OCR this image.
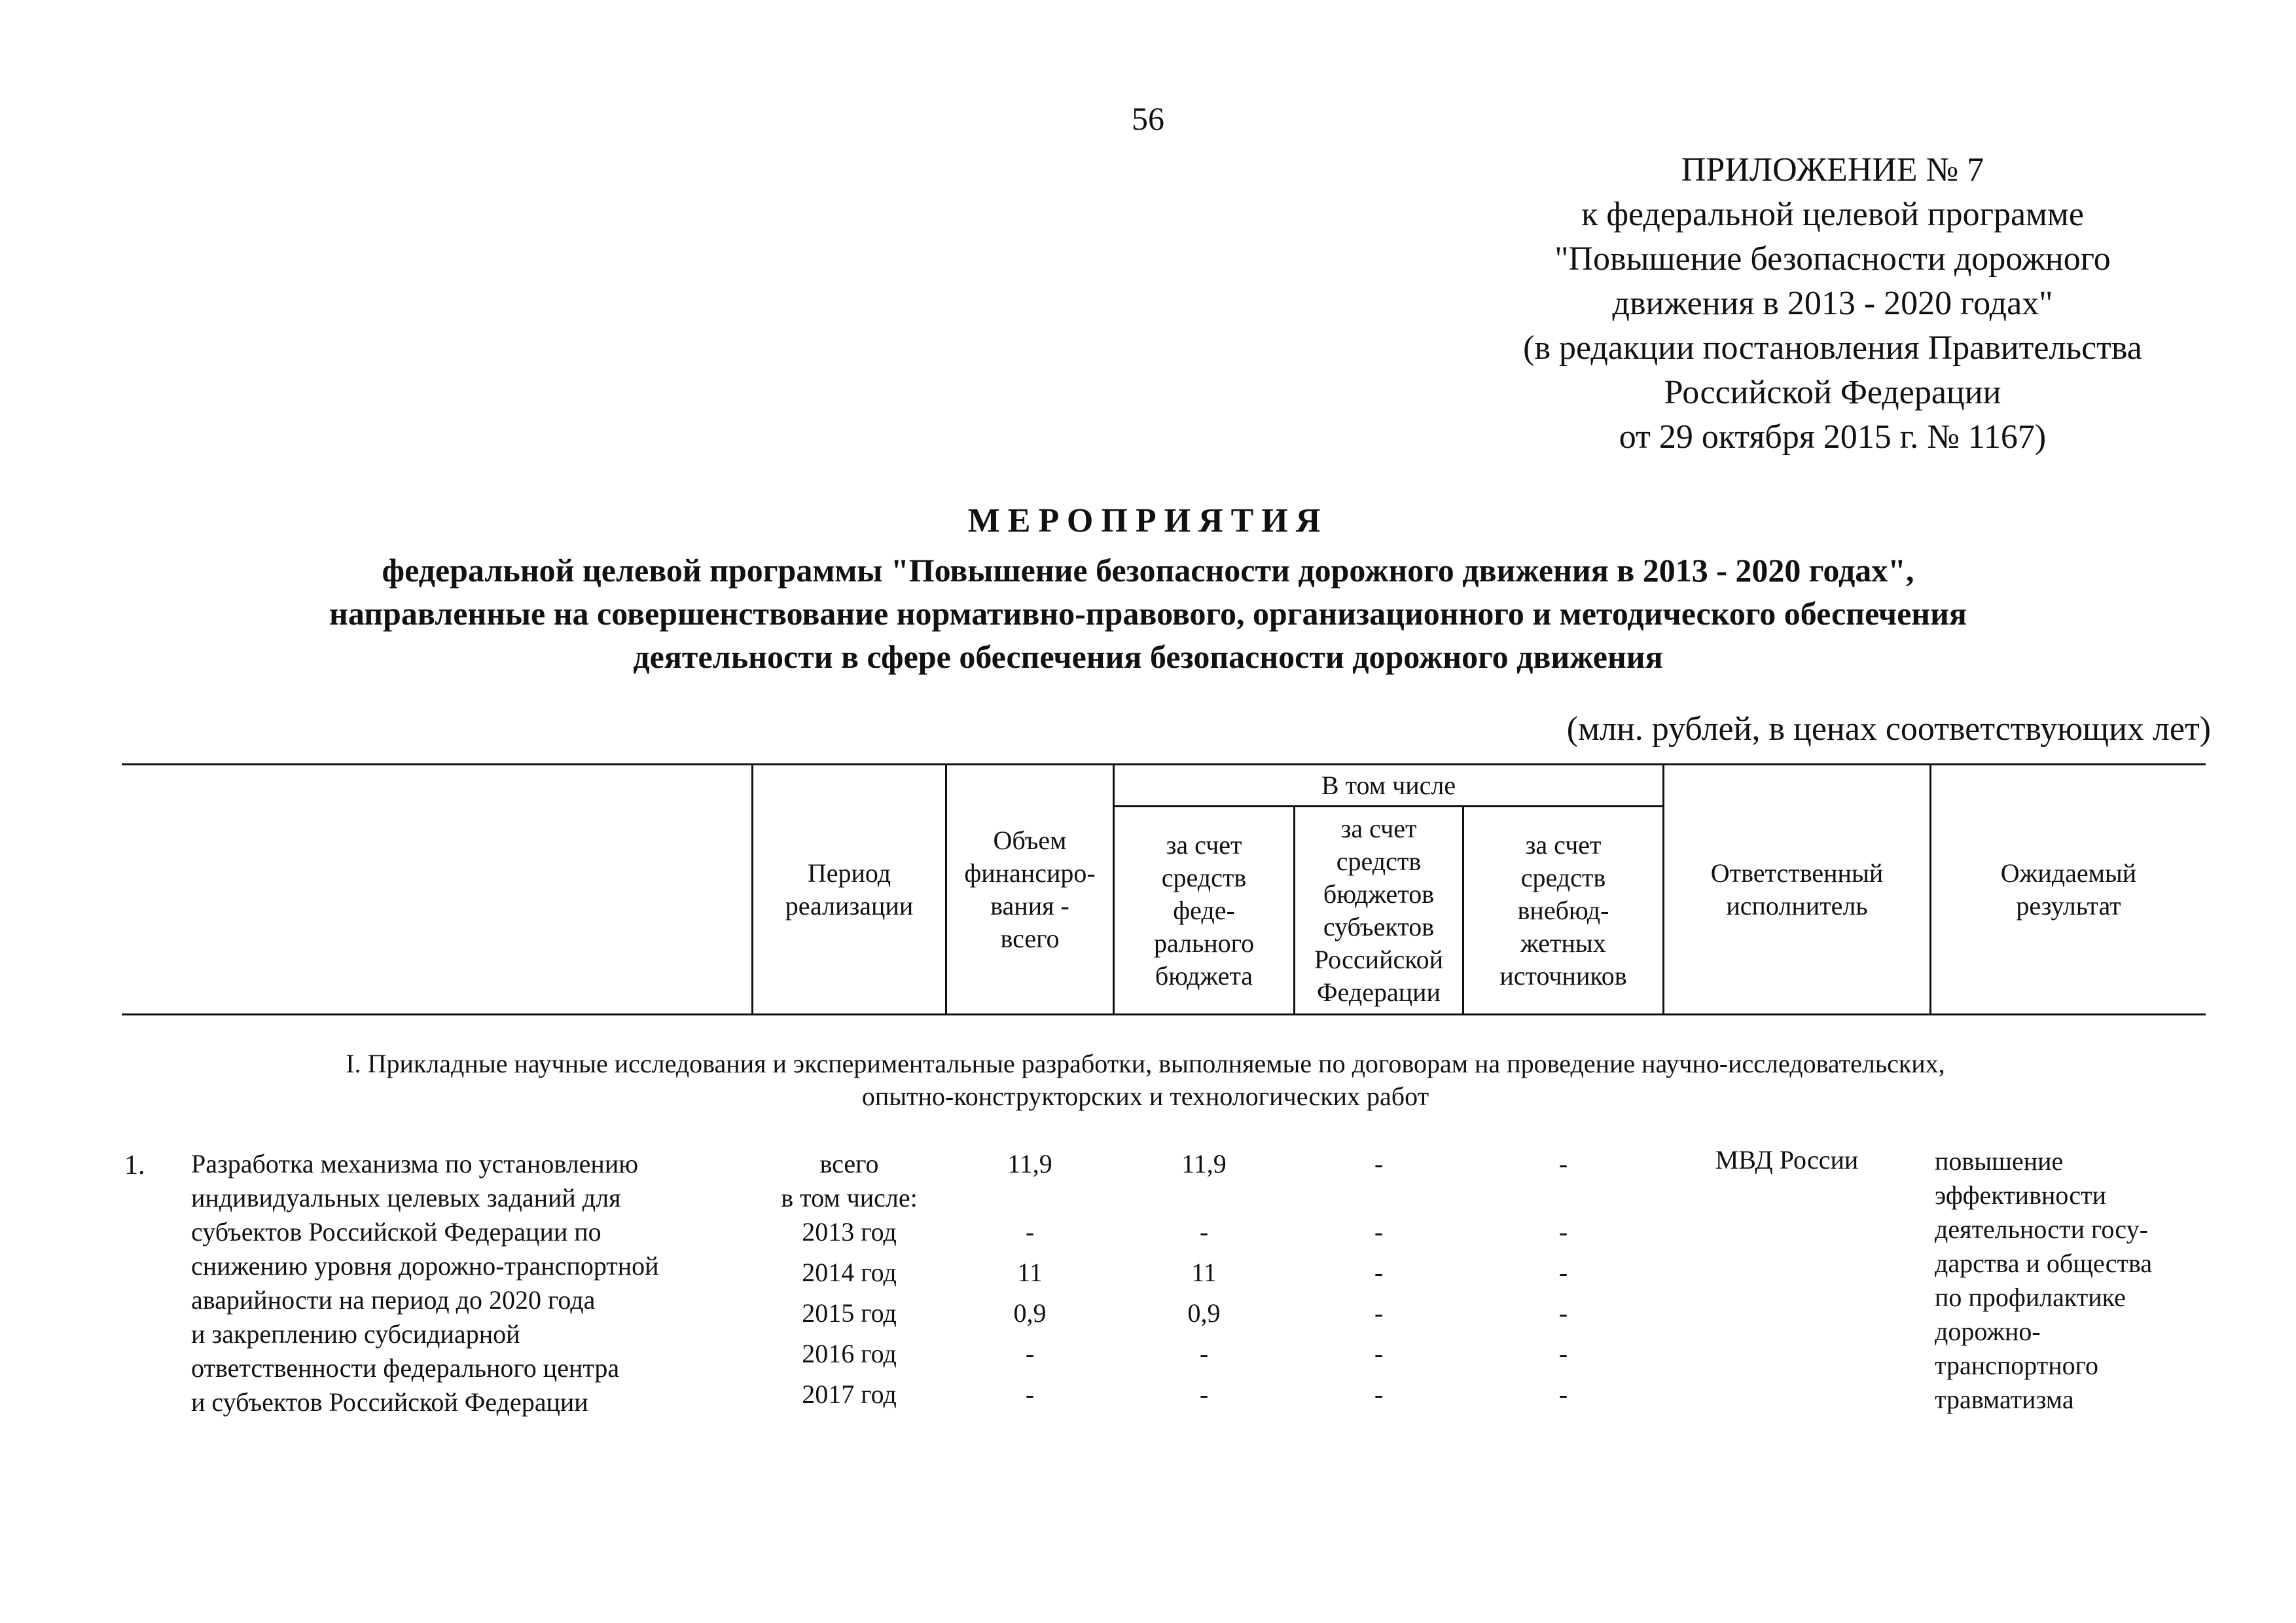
56
ПРИЛОЖЕНИЕ № 7
к федеральной целевой программе
"Повышение безопасности дорожного
движения в 2013 - 2020 годах"
(в редакции постановления Правительства
Российской Федерации
от 29 октября 2015 г. № 1167)
МЕРОПРИЯТИЯ
федеральной целевой программы "Повышение безопасности дорожного движения в 2013 - 2020 годах",
направленные на совершенствование нормативно-правового, организационного и методического обеспечения
деятельности в сфере обеспечения безопасности дорожного движения
(млн. рублей, в ценах соответствующих лет)
Период
реализации
Объем
финансиро-
вания -
всего
В том числе
за счет
средств
феде-
рального
бюджета
за счет
средств
бюджетов
субъектов
Российской
Федерации
за счет
средств
внебюд-
жетных
источников
Ответственный
исполнитель
Ожидаемый
результат
I. Прикладные научные исследования и экспериментальные разработки, выполняемые по договорам на проведение научно-исследовательских,
опытно-конструкторских и технологических работ
1. Разработка механизма по установлению
индивидуальных целевых заданий для
субъектов Российской Федерации по
снижению уровня дорожно-транспортной
аварийности на период до 2020 года
и закреплению субсидиарной
ответственности федерального центра
и субъектов Российской Федерации
всего
в том числе:
2013 год
2014 год
2015 год
2016 год
2017 год
11,9
-
11
0,9
-
-
11,9
-
11
0,9
-
-
-
-
-
-
-
-
-
-
-
-
-
-
МВД России	повышение
эффективности
деятельности госу-
дарства и общества
по профилактике
дорожно-
транспортного
травматизма
